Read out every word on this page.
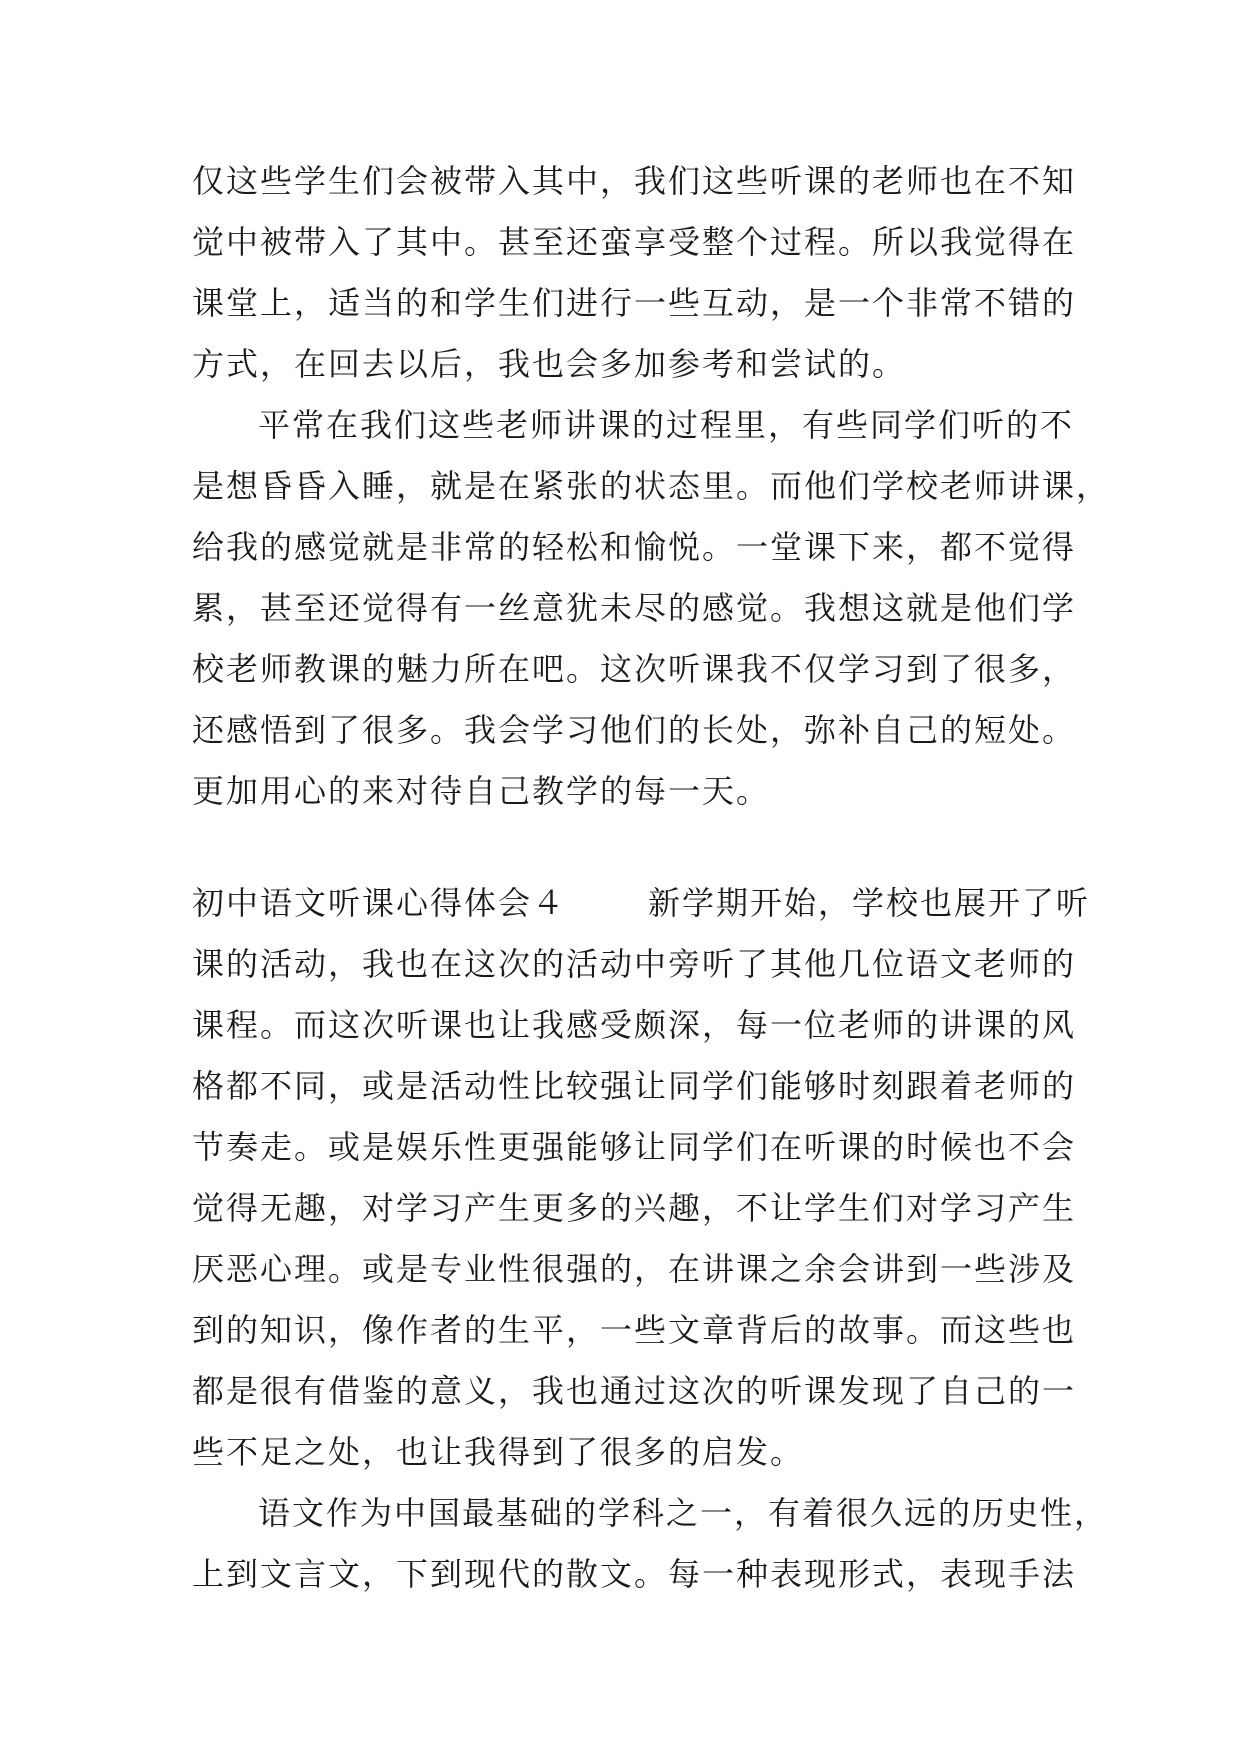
仅这些学生们会被带入其中，我们这些听课的老师也在不知
觉中被带入了其中。甚至还蛮享受整个过程。所以我觉得在
课堂上，适当的和学生们进行一些互动，是一个非常不错的
方式，在回去以后，我也会多加参考和尝试的。
平常在我们这些老师讲课的过程里，有些同学们听的不
是想昏昏入睡，就是在紧张的状态里。而他们学校老师讲课，
给我的感觉就是非常的轻松和愉悦。一堂课下来，都不觉得
累，甚至还觉得有一丝意犹未尽的感觉。我想这就是他们学
校老师教课的魅力所在吧。这次听课我不仅学习到了很多，
还感悟到了很多。我会学习他们的长处，弥补自己的短处。
更加用心的来对待自己教学的每一天。
初中语文听课心得体会４	新学期开始，学校也展开了听
课的活动，我也在这次的活动中旁听了其他几位语文老师的
课程。而这次听课也让我感受颇深，每一位老师的讲课的风
格都不同，或是活动性比较强让同学们能够时刻跟着老师的
节奏走。或是娱乐性更强能够让同学们在听课的时候也不会
觉得无趣，对学习产生更多的兴趣，不让学生们对学习产生
厌恶心理。或是专业性很强的，在讲课之余会讲到一些涉及
到的知识，像作者的生平，一些文章背后的故事。而这些也
都是很有借鉴的意义，我也通过这次的听课发现了自己的一
些不足之处，也让我得到了很多的启发。
语文作为中国最基础的学科之一，有着很久远的历史性，
上到文言文，下到现代的散文。每一种表现形式，表现手法
